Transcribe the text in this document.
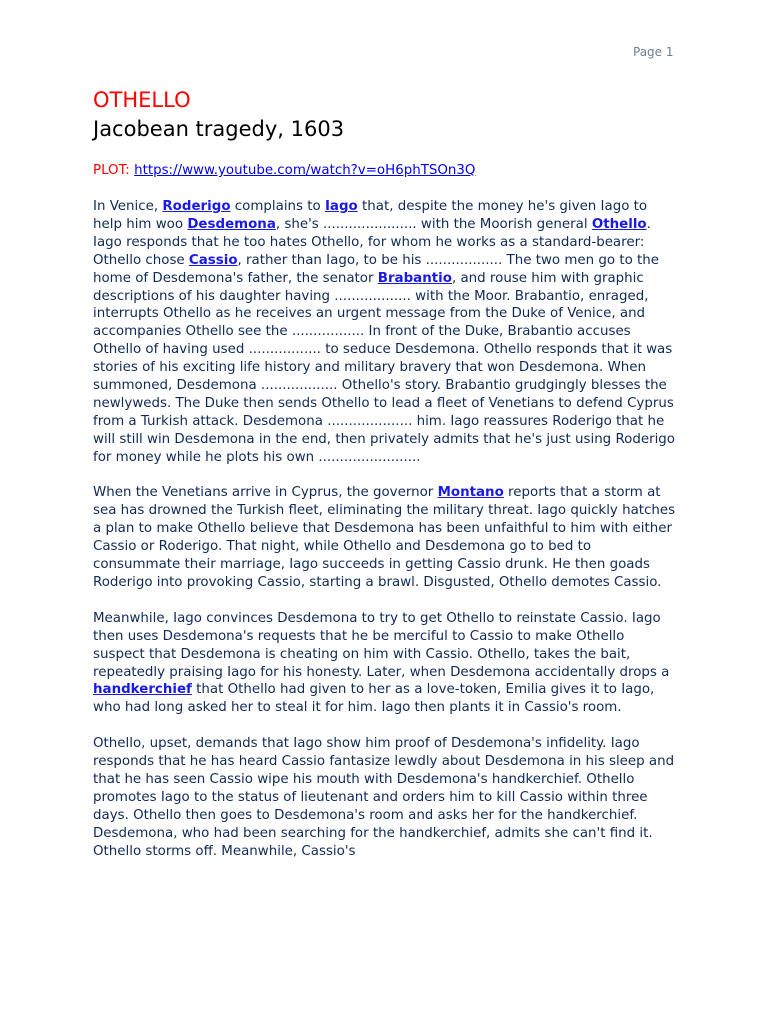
Page 1
OTHELLO
Jacobean tragedy, 1603
PLOT: https://www.youtube.com/watch?v=oH6phTSOn3Q

In Venice, Roderigo complains to Iago that, despite the money he's given Iago to help him woo Desdemona, she's ...................... with the Moorish general Othello. Iago responds that he too hates Othello, for whom he works as a standard-bearer: Othello chose Cassio, rather than Iago, to be his .................. The two men go to the home of Desdemona's father, the senator Brabantio, and rouse him with graphic descriptions of his daughter having .................. with the Moor. Brabantio, enraged, interrupts Othello as he receives an urgent message from the Duke of Venice, and accompanies Othello see the ................. In front of the Duke, Brabantio accuses Othello of having used ................. to seduce Desdemona. Othello responds that it was stories of his exciting life history and military bravery that won Desdemona. When summoned, Desdemona .................. Othello's story. Brabantio grudgingly blesses the newlyweds. The Duke then sends Othello to lead a fleet of Venetians to defend Cyprus from a Turkish attack. Desdemona .................... him. Iago reassures Roderigo that he will still win Desdemona in the end, then privately admits that he's just using Roderigo for money while he plots his own ........................

When the Venetians arrive in Cyprus, the governor Montano reports that a storm at sea has drowned the Turkish fleet, eliminating the military threat. Iago quickly hatches a plan to make Othello believe that Desdemona has been unfaithful to him with either Cassio or Roderigo. That night, while Othello and Desdemona go to bed to consummate their marriage, Iago succeeds in getting Cassio drunk. He then goads Roderigo into provoking Cassio, starting a brawl. Disgusted, Othello demotes Cassio.

Meanwhile, Iago convinces Desdemona to try to get Othello to reinstate Cassio. Iago then uses Desdemona's requests that he be merciful to Cassio to make Othello suspect that Desdemona is cheating on him with Cassio. Othello, takes the bait, repeatedly praising Iago for his honesty. Later, when Desdemona accidentally drops a handkerchief that Othello had given to her as a love-token, Emilia gives it to Iago, who had long asked her to steal it for him. Iago then plants it in Cassio's room.

Othello, upset, demands that Iago show him proof of Desdemona's infidelity. Iago responds that he has heard Cassio fantasize lewdly about Desdemona in his sleep and that he has seen Cassio wipe his mouth with Desdemona's handkerchief. Othello promotes Iago to the status of lieutenant and orders him to kill Cassio within three days. Othello then goes to Desdemona's room and asks her for the handkerchief. Desdemona, who had been searching for the handkerchief, admits she can't find it. Othello storms off. Meanwhile, Cassio's
